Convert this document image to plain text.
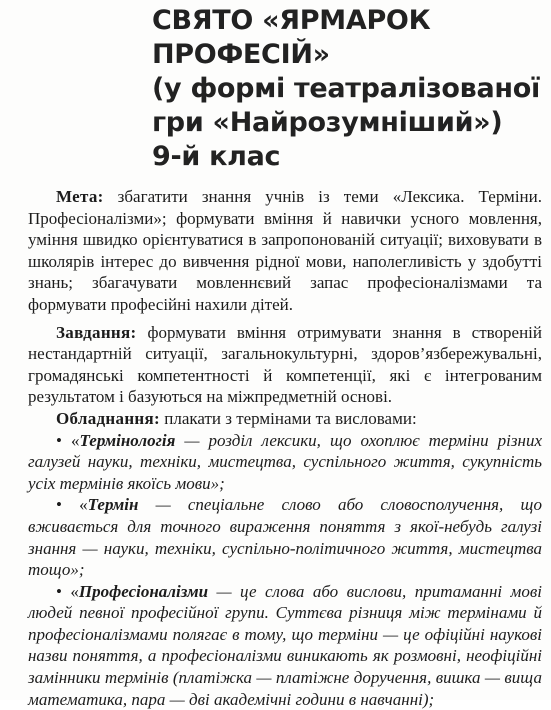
СВЯТО «ЯРМАРОК
ПРОФЕСІЙ»
(у формі театралізованої
гри «Найрозумніший»)
9-й клас

Мета: збагатити знання учнів із теми «Лексика. Терміни. Професіоналізми»; формувати вміння й навички усного мовлення, уміння швидко орієнтуватися в запропонованій ситуації; виховувати в школярів інтерес до вивчення рідної мови, наполегливість у здобутті знань; збагачувати мовленнєвий запас професіоналізмами та формувати професійні нахили дітей.

Завдання: формувати вміння отримувати знання в створеній нестандартній ситуації, загальнокультурні, здоров’язбережувальні, громадянські компетентності й компетенції, які є інтегрованим результатом і базуються на міжпредметній основі.

Обладнання: плакати з термінами та висловами:

• «Термінологія — розділ лексики, що охоплює терміни різних галузей науки, техніки, мистецтва, суспільного життя, сукупність усіх термінів якоїсь мови»;

• «Термін — спеціальне слово або словосполучення, що вживається для точного вираження поняття з якої-небудь галузі знання — науки, техніки, суспільно-політичного життя, мистецтва тощо»;

• «Професіоналізми — це слова або вислови, притаманні мові людей певної професійної групи. Суттєва різниця між термінами й професіоналізмами полягає в тому, що терміни — це офіційні наукові назви поняття, а професіоналізми виникають як розмовні, неофіційні замінники термінів (платіжка — платіжне доручення, вишка — вища математика, пара — дві академічні години в навчанні);
